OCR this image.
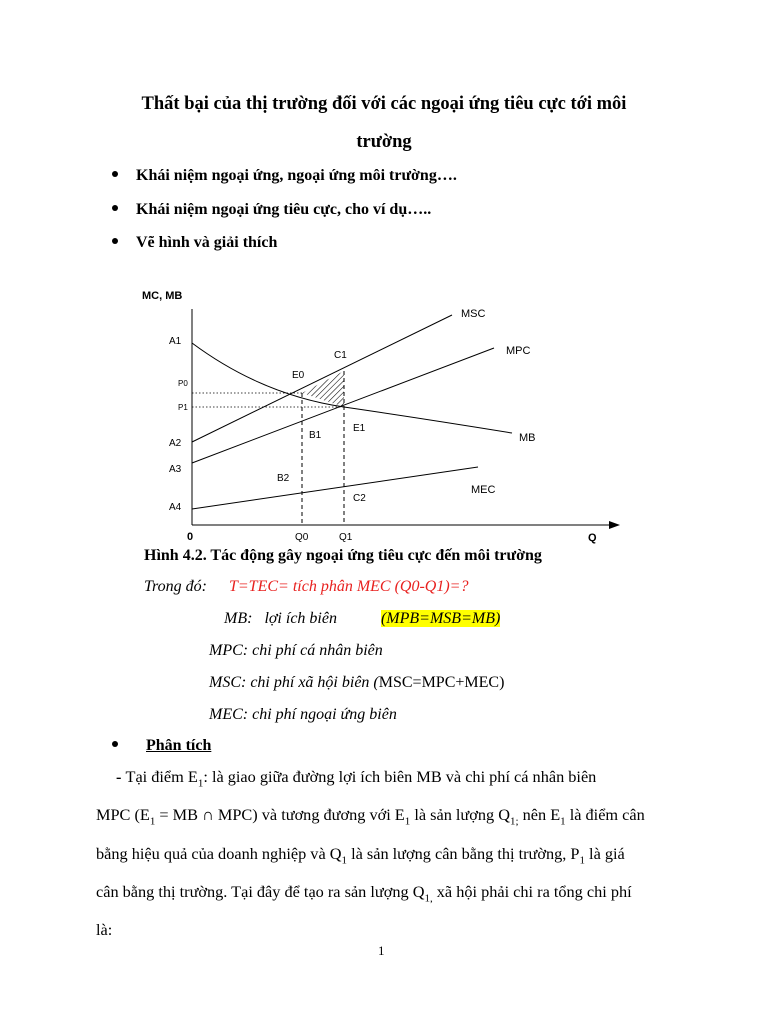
Thất bại của thị trường đối với các ngoại ứng tiêu cực tới môi
trường
Khái niệm ngoại ứng, ngoại ứng môi trường….
Khái niệm ngoại ứng tiêu cực, cho ví dụ…..
Vẽ hình và giải thích
MC, MB
Q
0
MSC
MPC
MB
MEC
A1
P0
P1
A2
A3
A4
E0
C1
E1
B1
B2
C2
Q0	Q1
Hình 4.2. Tác động gây ngoại ứng tiêu cực đến môi trường
Trong đó: T=TEC= tích phân MEC (Q0-Q1)=?
MB: lợi ích biên	(MPB=MSB=MB)
MPC: chi phí cá nhân biên
MSC: chi phí xã hội biên (MSC=MPC+MEC)
MEC: chi phí ngoại ứng biên
Phân tích
- Tại điểm $E_1$: là giao giữa đường lợi ích biên MB và chi phí cá nhân biên
MPC ($E_1$ = MB ∩ MPC) và tương đương với $E_1$ là sản lượng $Q_{1;}$ nên $E_1$ là điểm cân
bằng hiệu quả của doanh nghiệp và $Q_1$ là sản lượng cân bằng thị trường, $P_1$ là giá
cân bằng thị trường. Tại đây để tạo ra sản lượng $Q_{1,}$ xã hội phải chi ra tổng chi phí
là:
1
